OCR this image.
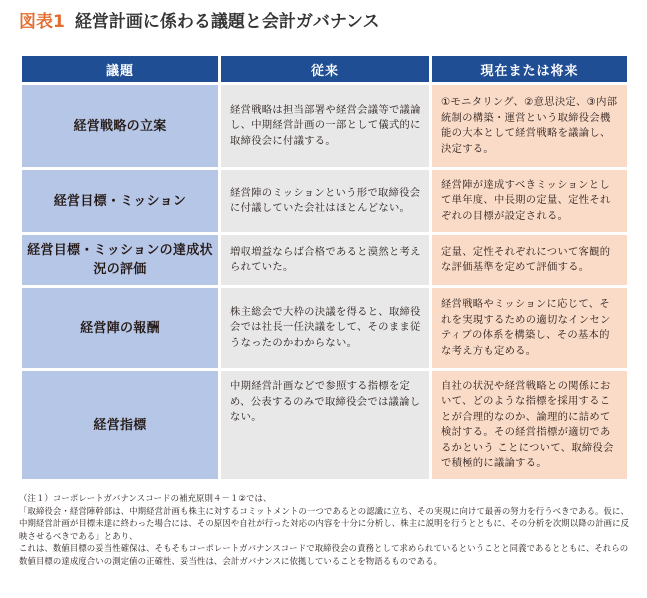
図表1 経営計画に係わる議題と会計ガバナンス
議題	従来	現在または将来
経営戦略の立案	経営戦略は担当部署や経営会議等で議論し、中期経営計画の一部として儀式的に取締役会に付議する。	①モニタリング、②意思決定、③内部統制の構築・運営という取締役会機能の大本として経営戦略を議論し、決定する。
経営目標・ミッション	経営陣のミッションという形で取締役会に付議していた会社はほとんどない。	経営陣が達成すべきミッションとして単年度、中長期の定量、定性それぞれの目標が設定される。
経営目標・ミッションの達成状況の評価	増収増益ならば合格であると漠然と考えられていた。	定量、定性それぞれについて客観的な評価基準を定めて評価する。
経営陣の報酬	株主総会で大枠の決議を得ると、取締役会では社長一任決議をして、そのまま従うなったのかわからない。	経営戦略やミッションに応じて、それを実現するための適切なインセンティブの体系を構築し、その基本的な考え方も定める。
経営指標	中期経営計画などで参照する指標を定め、公表するのみで取締役会では議論しない。	自社の状況や経営戦略との関係において、どのような指標を採用することが合理的なのか、論理的に詰めて検討する。その経営指標が適切であるかという ことについて、取締役会で積極的に議論する。
（注１）コーポレートガバナンスコードの補充原則４－１②では、
「取締役会・経営陣幹部は、中期経営計画も株主に対するコミットメントの一つであるとの認識に立ち、その実現に向けて最善の努力を行うべきである。仮に、中期経営計画が目標未達に終わった場合には、その原因や自社が行った対応の内容を十分に分析し、株主に説明を行うとともに、その分析を次期以降の計画に反映させるべきである」とあり、
これは、数値目標の妥当性確保は、そもそもコーポレートガバナンスコードで取締役会の責務として求められているということと同義であるとともに、それらの数値目標の達成度合いの測定値の正確性、妥当性は、会計ガバナンスに依拠していることを物語るものである。
